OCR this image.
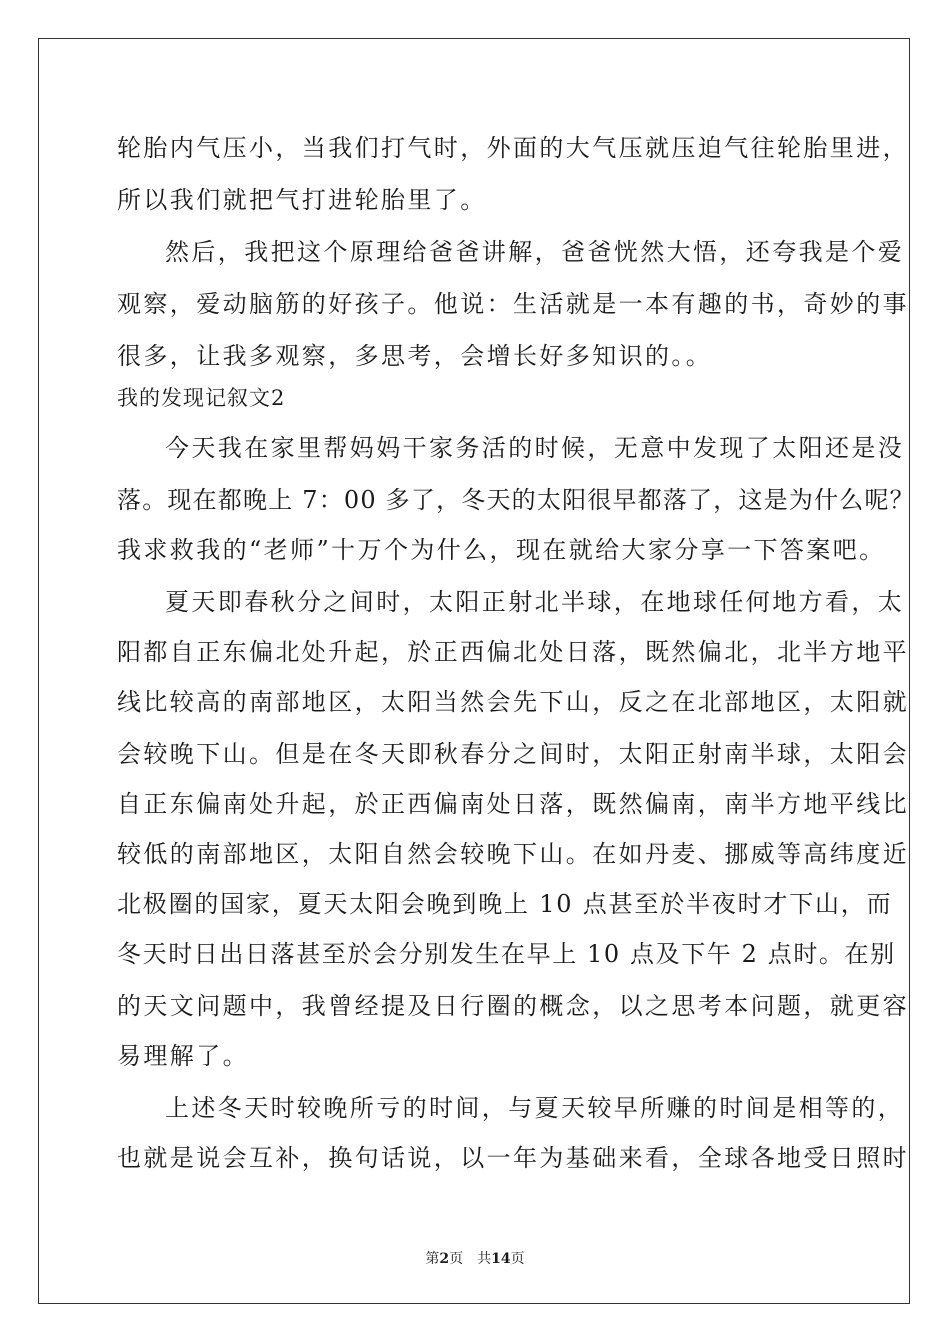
轮胎内气压小，当我们打气时，外面的大气压就压迫气往轮胎里进，
所以我们就把气打进轮胎里了。
然后，我把这个原理给爸爸讲解，爸爸恍然大悟，还夸我是个爱
观察，爱动脑筋的好孩子。他说：生活就是一本有趣的书，奇妙的事
很多，让我多观察，多思考，会增长好多知识的。。
我的发现记叙文2
今天我在家里帮妈妈干家务活的时候，无意中发现了太阳还是没
落。现在都晚上 7：00 多了，冬天的太阳很早都落了，这是为什么呢？
我求救我的“老师”十万个为什么，现在就给大家分享一下答案吧。
夏天即春秋分之间时，太阳正射北半球，在地球任何地方看，太
阳都自正东偏北处升起，於正西偏北处日落，既然偏北，北半方地平
线比较高的南部地区，太阳当然会先下山，反之在北部地区，太阳就
会较晚下山。但是在冬天即秋春分之间时，太阳正射南半球，太阳会
自正东偏南处升起，於正西偏南处日落，既然偏南，南半方地平线比
较低的南部地区，太阳自然会较晚下山。在如丹麦、挪威等高纬度近
北极圈的国家，夏天太阳会晚到晚上 10 点甚至於半夜时才下山，而
冬天时日出日落甚至於会分别发生在早上 10 点及下午 2 点时。在别
的天文问题中，我曾经提及日行圈的概念，以之思考本问题，就更容
易理解了。
上述冬天时较晚所亏的时间，与夏天较早所赚的时间是相等的，
也就是说会互补，换句话说，以一年为基础来看，全球各地受日照时
第2页　共14页
